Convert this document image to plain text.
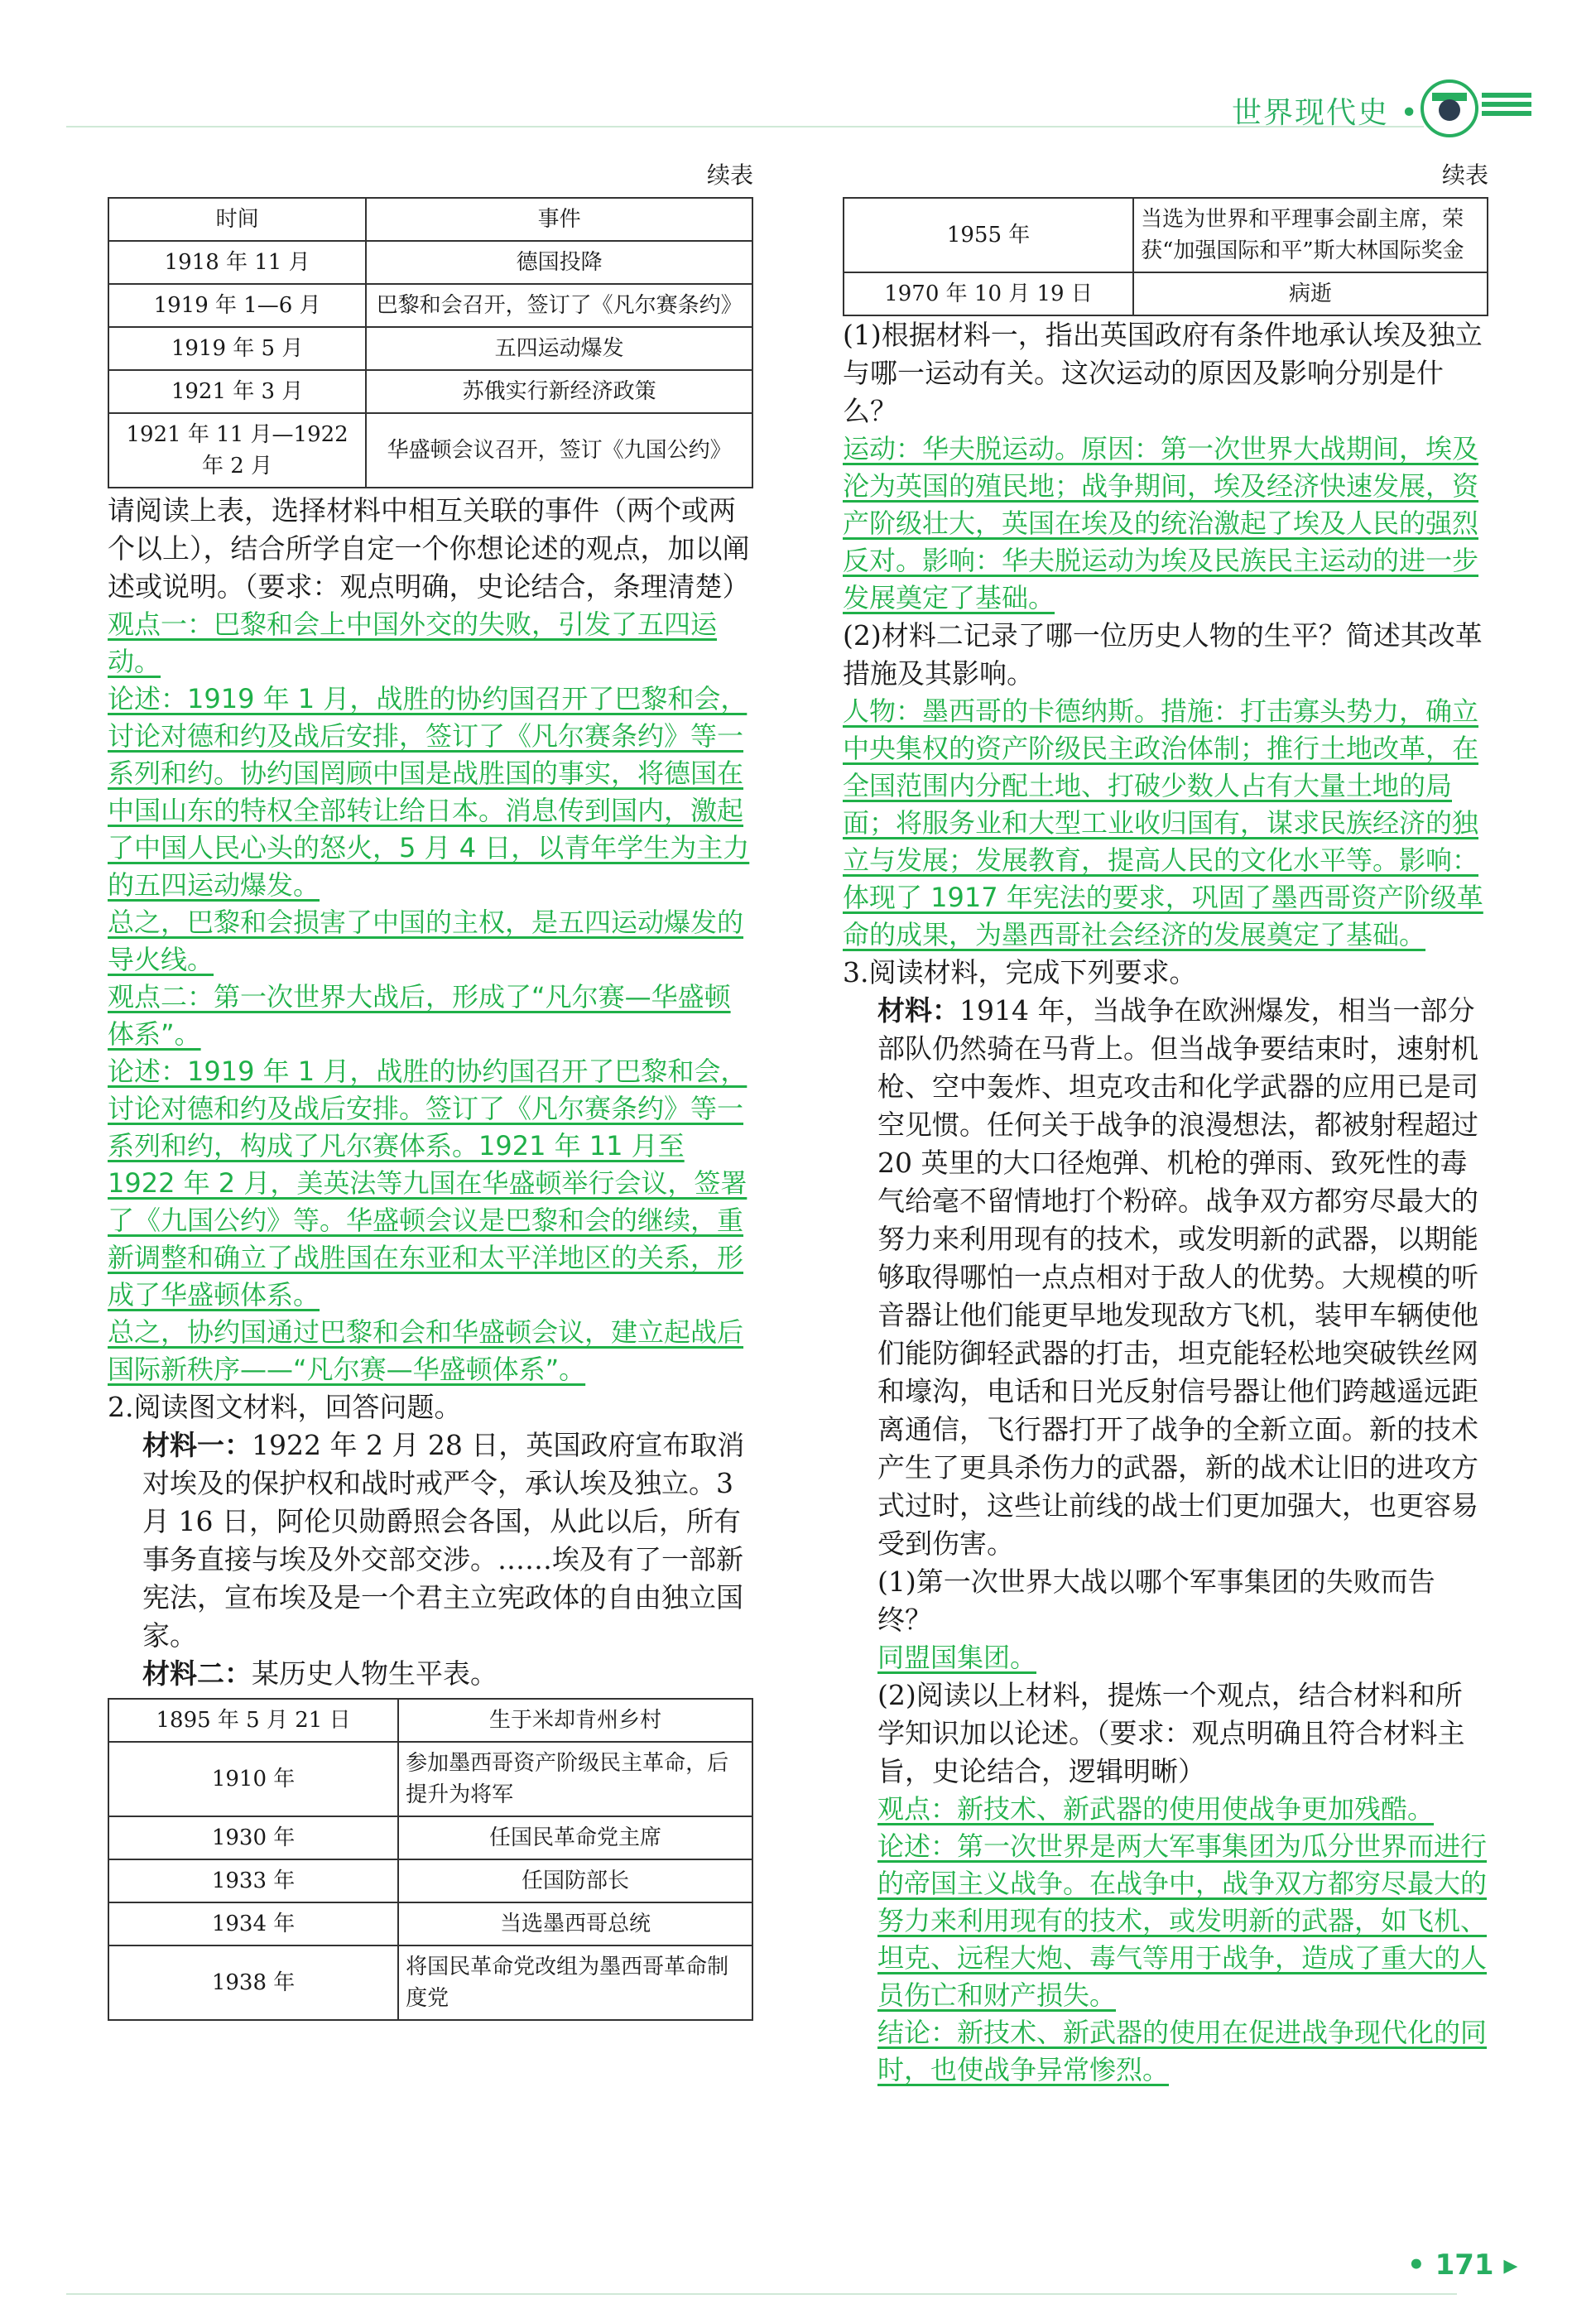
世界现代史 •
续表
时间	事件
1918 年 11 月	德国投降
1919 年 1—6 月	巴黎和会召开，签订了《凡尔赛条约》
1919 年 5 月	五四运动爆发
1921 年 3 月	苏俄实行新经济政策
1921 年 11 月—1922 年 2 月	华盛顿会议召开，签订《九国公约》

请阅读上表，选择材料中相互关联的事件（两个或两个以上），结合所学自定一个你想论述的观点，加以阐述或说明。（要求：观点明确，史论结合，条理清楚）

观点一：巴黎和会上中国外交的失败，引发了五四运动。

论述：1919 年 1 月，战胜的协约国召开了巴黎和会，讨论对德和约及战后安排，签订了《凡尔赛条约》等一系列和约。协约国罔顾中国是战胜国的事实，将德国在中国山东的特权全部转让给日本。消息传到国内，激起了中国人民心头的怒火，5 月 4 日，以青年学生为主力的五四运动爆发。

总之，巴黎和会损害了中国的主权，是五四运动爆发的导火线。

观点二：第一次世界大战后，形成了“凡尔赛—华盛顿体系”。

论述：1919 年 1 月，战胜的协约国召开了巴黎和会，讨论对德和约及战后安排。签订了《凡尔赛条约》等一系列和约，构成了凡尔赛体系。1921 年 11 月至 1922 年 2 月，美英法等九国在华盛顿举行会议，签署了《九国公约》等。华盛顿会议是巴黎和会的继续，重新调整和确立了战胜国在东亚和太平洋地区的关系，形成了华盛顿体系。

总之，协约国通过巴黎和会和华盛顿会议，建立起战后国际新秩序——“凡尔赛—华盛顿体系”。

2.阅读图文材料，回答问题。

材料一：1922 年 2 月 28 日，英国政府宣布取消对埃及的保护权和战时戒严令，承认埃及独立。3 月 16 日，阿伦贝勋爵照会各国，从此以后，所有事务直接与埃及外交部交涉。……埃及有了一部新宪法，宣布埃及是一个君主立宪政体的自由独立国家。

材料二：某历史人物生平表。

1895 年 5 月 21 日	生于米却肯州乡村
1910 年	参加墨西哥资产阶级民主革命，后提升为将军
1930 年	任国民革命党主席
1933 年	任国防部长
1934 年	当选墨西哥总统
1938 年	将国民革命党改组为墨西哥革命制度党
续表
1955 年	当选为世界和平理事会副主席，荣获“加强国际和平”斯大林国际奖金
1970 年 10 月 19 日	病逝

(1)根据材料一，指出英国政府有条件地承认埃及独立与哪一运动有关。这次运动的原因及影响分别是什么？

运动：华夫脱运动。原因：第一次世界大战期间，埃及沦为英国的殖民地；战争期间，埃及经济快速发展，资产阶级壮大，英国在埃及的统治激起了埃及人民的强烈反对。影响：华夫脱运动为埃及民族民主运动的进一步发展奠定了基础。

(2)材料二记录了哪一位历史人物的生平？简述其改革措施及其影响。

人物：墨西哥的卡德纳斯。措施：打击寡头势力，确立中央集权的资产阶级民主政治体制；推行土地改革，在全国范围内分配土地、打破少数人占有大量土地的局面；将服务业和大型工业收归国有，谋求民族经济的独立与发展；发展教育，提高人民的文化水平等。影响：体现了 1917 年宪法的要求，巩固了墨西哥资产阶级革命的成果，为墨西哥社会经济的发展奠定了基础。

3.阅读材料，完成下列要求。

材料：1914 年，当战争在欧洲爆发，相当一部分部队仍然骑在马背上。但当战争要结束时，速射机枪、空中轰炸、坦克攻击和化学武器的应用已是司空见惯。任何关于战争的浪漫想法，都被射程超过 20 英里的大口径炮弹、机枪的弹雨、致死性的毒气给毫不留情地打个粉碎。战争双方都穷尽最大的努力来利用现有的技术，或发明新的武器，以期能够取得哪怕一点点相对于敌人的优势。大规模的听音器让他们能更早地发现敌方飞机，装甲车辆使他们能防御轻武器的打击，坦克能轻松地突破铁丝网和壕沟，电话和日光反射信号器让他们跨越遥远距离通信，飞行器打开了战争的全新立面。新的技术产生了更具杀伤力的武器，新的战术让旧的进攻方式过时，这些让前线的战士们更加强大，也更容易受到伤害。

(1)第一次世界大战以哪个军事集团的失败而告终？

同盟国集团。

(2)阅读以上材料，提炼一个观点，结合材料和所学知识加以论述。（要求：观点明确且符合材料主旨，史论结合，逻辑明晰）

观点：新技术、新武器的使用使战争更加残酷。

论述：第一次世界是两大军事集团为瓜分世界而进行的帝国主义战争。在战争中，战争双方都穷尽最大的努力来利用现有的技术，或发明新的武器，如飞机、坦克、远程大炮、毒气等用于战争，造成了重大的人员伤亡和财产损失。

结论：新技术、新武器的使用在促进战争现代化的同时，也使战争异常惨烈。

• 171 ▸
